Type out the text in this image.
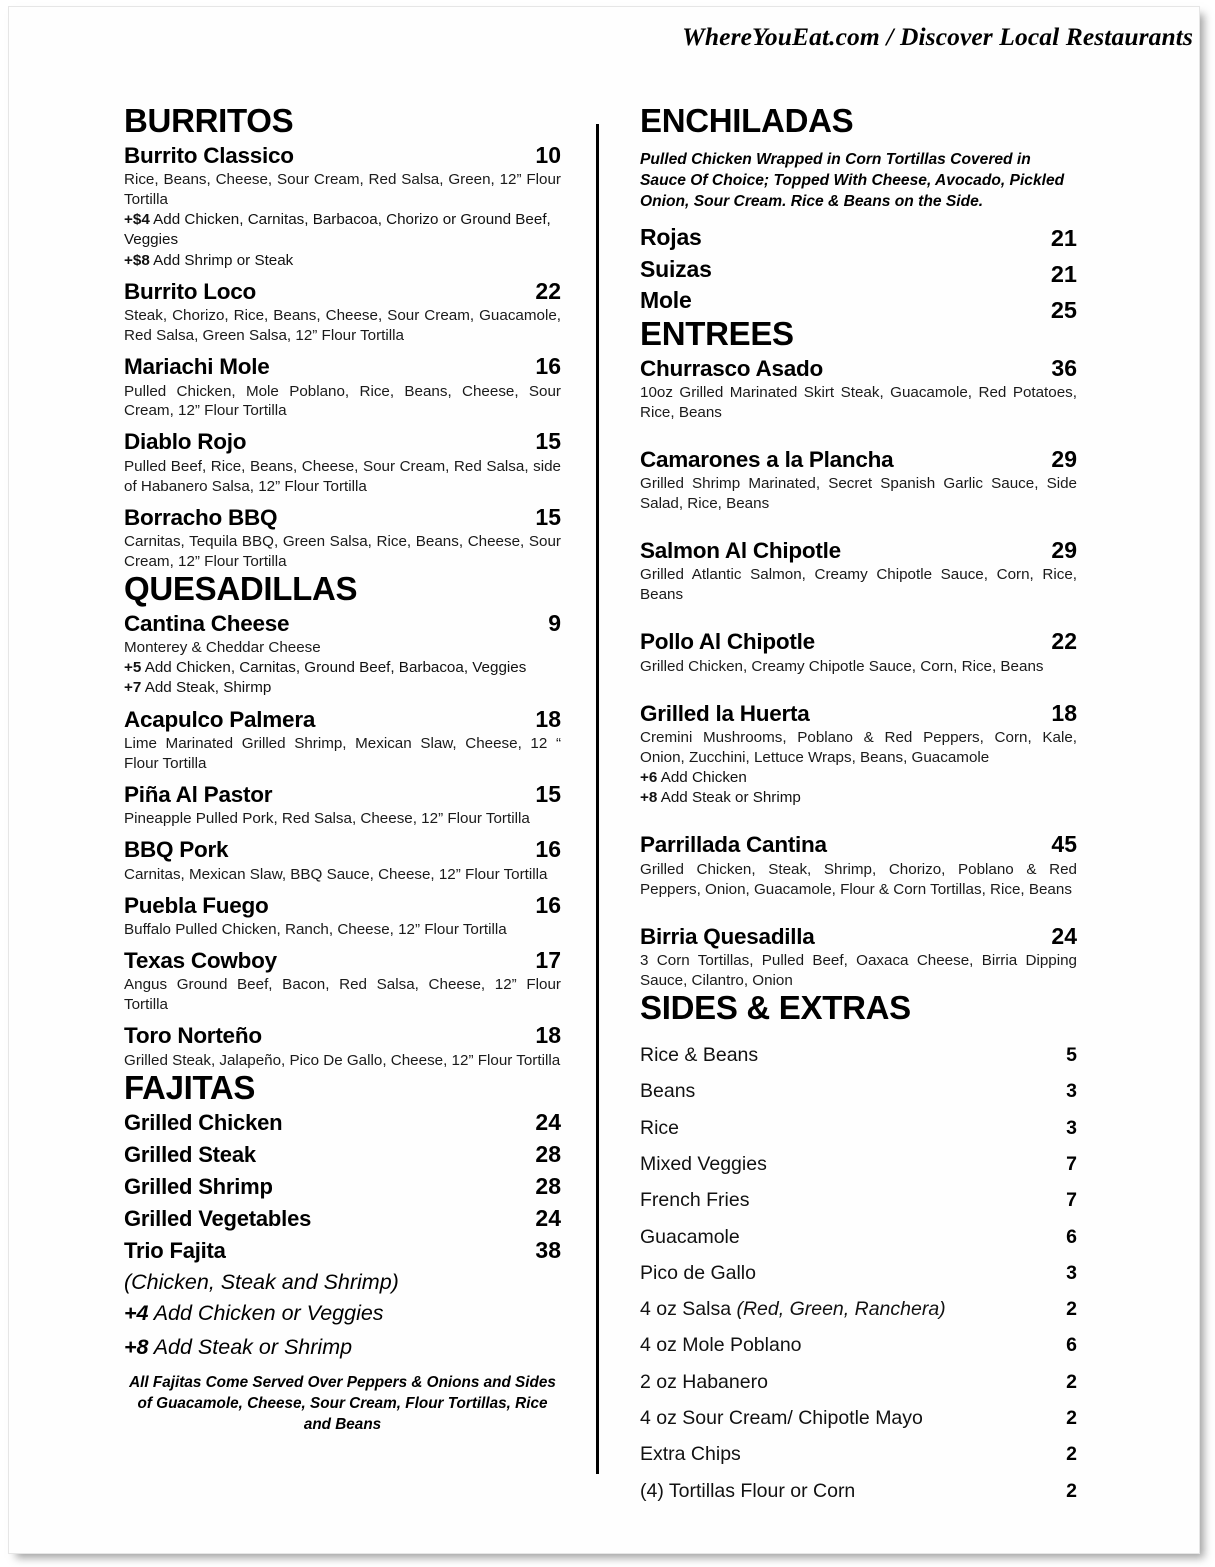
WhereYouEat.com / Discover Local Restaurants
BURRITOS
Burrito Classico	10
Rice, Beans, Cheese, Sour Cream, Red Salsa, Green, 12” Flour Tortilla
+$4 Add Chicken, Carnitas, Barbacoa, Chorizo or Ground Beef, Veggies
+$8 Add Shrimp or Steak
Burrito Loco	22
Steak, Chorizo, Rice, Beans, Cheese, Sour Cream, Guacamole, Red Salsa, Green Salsa, 12” Flour Tortilla
Mariachi Mole	16
Pulled Chicken, Mole Poblano, Rice, Beans, Cheese, Sour Cream, 12” Flour Tortilla
Diablo Rojo	15
Pulled Beef, Rice, Beans, Cheese, Sour Cream, Red Salsa, side of Habanero Salsa, 12” Flour Tortilla
Borracho BBQ	15
Carnitas, Tequila BBQ, Green Salsa, Rice, Beans, Cheese, Sour Cream, 12” Flour Tortilla
QUESADILLAS
Cantina Cheese	9
Monterey & Cheddar Cheese
+5 Add Chicken, Carnitas, Ground Beef, Barbacoa, Veggies
+7 Add Steak, Shirmp
Acapulco Palmera	18
Lime Marinated Grilled Shrimp, Mexican Slaw, Cheese, 12 “ Flour Tortilla
Piña Al Pastor	15
Pineapple Pulled Pork, Red Salsa, Cheese, 12” Flour Tortilla
BBQ Pork	16
Carnitas, Mexican Slaw, BBQ Sauce, Cheese, 12” Flour Tortilla
Puebla Fuego	16
Buffalo Pulled Chicken, Ranch, Cheese, 12” Flour Tortilla
Texas Cowboy	17
Angus Ground Beef, Bacon, Red Salsa, Cheese, 12” Flour Tortilla
Toro Norteño	18
Grilled Steak, Jalapeño, Pico De Gallo, Cheese, 12” Flour Tortilla
FAJITAS
Grilled Chicken	24
Grilled Steak	28
Grilled Shrimp	28
Grilled Vegetables	24
Trio Fajita	38
(Chicken, Steak and Shrimp)
+4 Add Chicken or Veggies
+8 Add Steak or Shrimp
All Fajitas Come Served Over Peppers & Onions and Sides of Guacamole, Cheese, Sour Cream, Flour Tortillas, Rice and Beans
ENCHILADAS
Pulled Chicken Wrapped in Corn Tortillas Covered in Sauce Of Choice; Topped With Cheese, Avocado, Pickled Onion, Sour Cream. Rice & Beans on the Side.
Rojas	21
Suizas	21
Mole	25
ENTREES
Churrasco Asado	36
10oz Grilled Marinated Skirt Steak, Guacamole, Red Potatoes, Rice, Beans
Camarones a la Plancha	29
Grilled Shrimp Marinated, Secret Spanish Garlic Sauce, Side Salad, Rice, Beans
Salmon Al Chipotle	29
Grilled Atlantic Salmon, Creamy Chipotle Sauce, Corn, Rice, Beans
Pollo Al Chipotle	22
Grilled Chicken, Creamy Chipotle Sauce, Corn, Rice, Beans
Grilled la Huerta	18
Cremini Mushrooms, Poblano & Red Peppers, Corn, Kale, Onion, Zucchini, Lettuce Wraps, Beans, Guacamole
+6 Add Chicken
+8 Add Steak or Shrimp
Parrillada Cantina	45
Grilled Chicken, Steak, Shrimp, Chorizo, Poblano & Red Peppers, Onion, Guacamole, Flour & Corn Tortillas, Rice, Beans
Birria Quesadilla	24
3 Corn Tortillas, Pulled Beef, Oaxaca Cheese, Birria Dipping Sauce, Cilantro, Onion
SIDES & EXTRAS
Rice & Beans	5
Beans	3
Rice	3
Mixed Veggies	7
French Fries	7
Guacamole	6
Pico de Gallo	3
4 oz Salsa (Red, Green, Ranchera)	2
4 oz Mole Poblano	6
2 oz Habanero	2
4 oz Sour Cream/ Chipotle Mayo	2
Extra Chips	2
(4) Tortillas Flour or Corn	2
